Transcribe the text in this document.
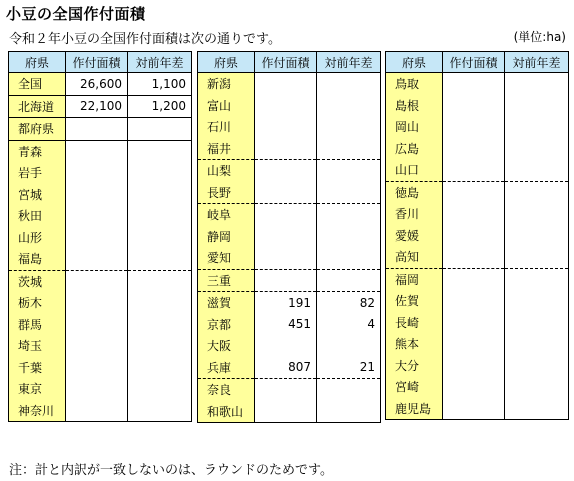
小豆の全国作付面積
令和２年小豆の全国作付面積は次の通りです。	(単位:ha)
府県	作付面積	対前年差
全国	26,600	1,100
北海道	22,100	1,200
都府県		
青森		
岩手		
宮城		
秋田		
山形		
福島		
茨城		
栃木		
群馬		
埼玉		
千葉		
東京		
神奈川		
府県	作付面積	対前年差
新潟		
富山		
石川		
福井		
山梨		
長野		
岐阜		
静岡		
愛知		
三重		
滋賀	191	82
京都	451	4
大阪		
兵庫	807	21
奈良		
和歌山		
府県	作付面積	対前年差
鳥取		
島根		
岡山		
広島		
山口		
徳島		
香川		
愛媛		
高知		
福岡		
佐賀		
長崎		
熊本		
大分		
宮崎		
鹿児島		
注：計と内訳が一致しないのは、ラウンドのためです。
